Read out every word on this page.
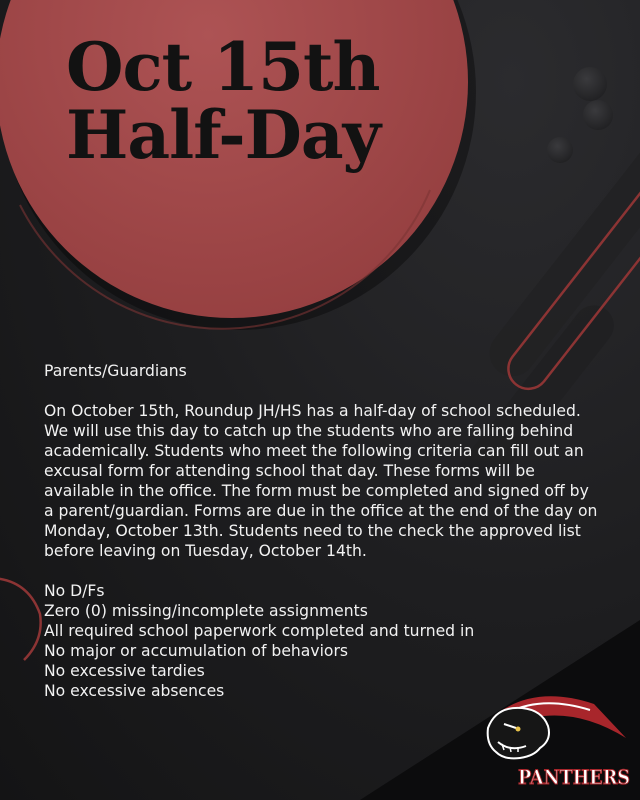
Oct 15th
Half-Day

Parents/Guardians

On October 15th, Roundup JH/HS has a half-day of school scheduled. We will use this day to catch up the students who are falling behind academically. Students who meet the following criteria can fill out an excusal form for attending school that day. These forms will be available in the office. The form must be completed and signed off by a parent/guardian. Forms are due in the office at the end of the day on Monday, October 13th. Students need to the check the approved list before leaving on Tuesday, October 14th.

No D/Fs
Zero (0) missing/incomplete assignments
All required school paperwork completed and turned in
No major or accumulation of behaviors
No excessive tardies
No excessive absences
PANTHERS
